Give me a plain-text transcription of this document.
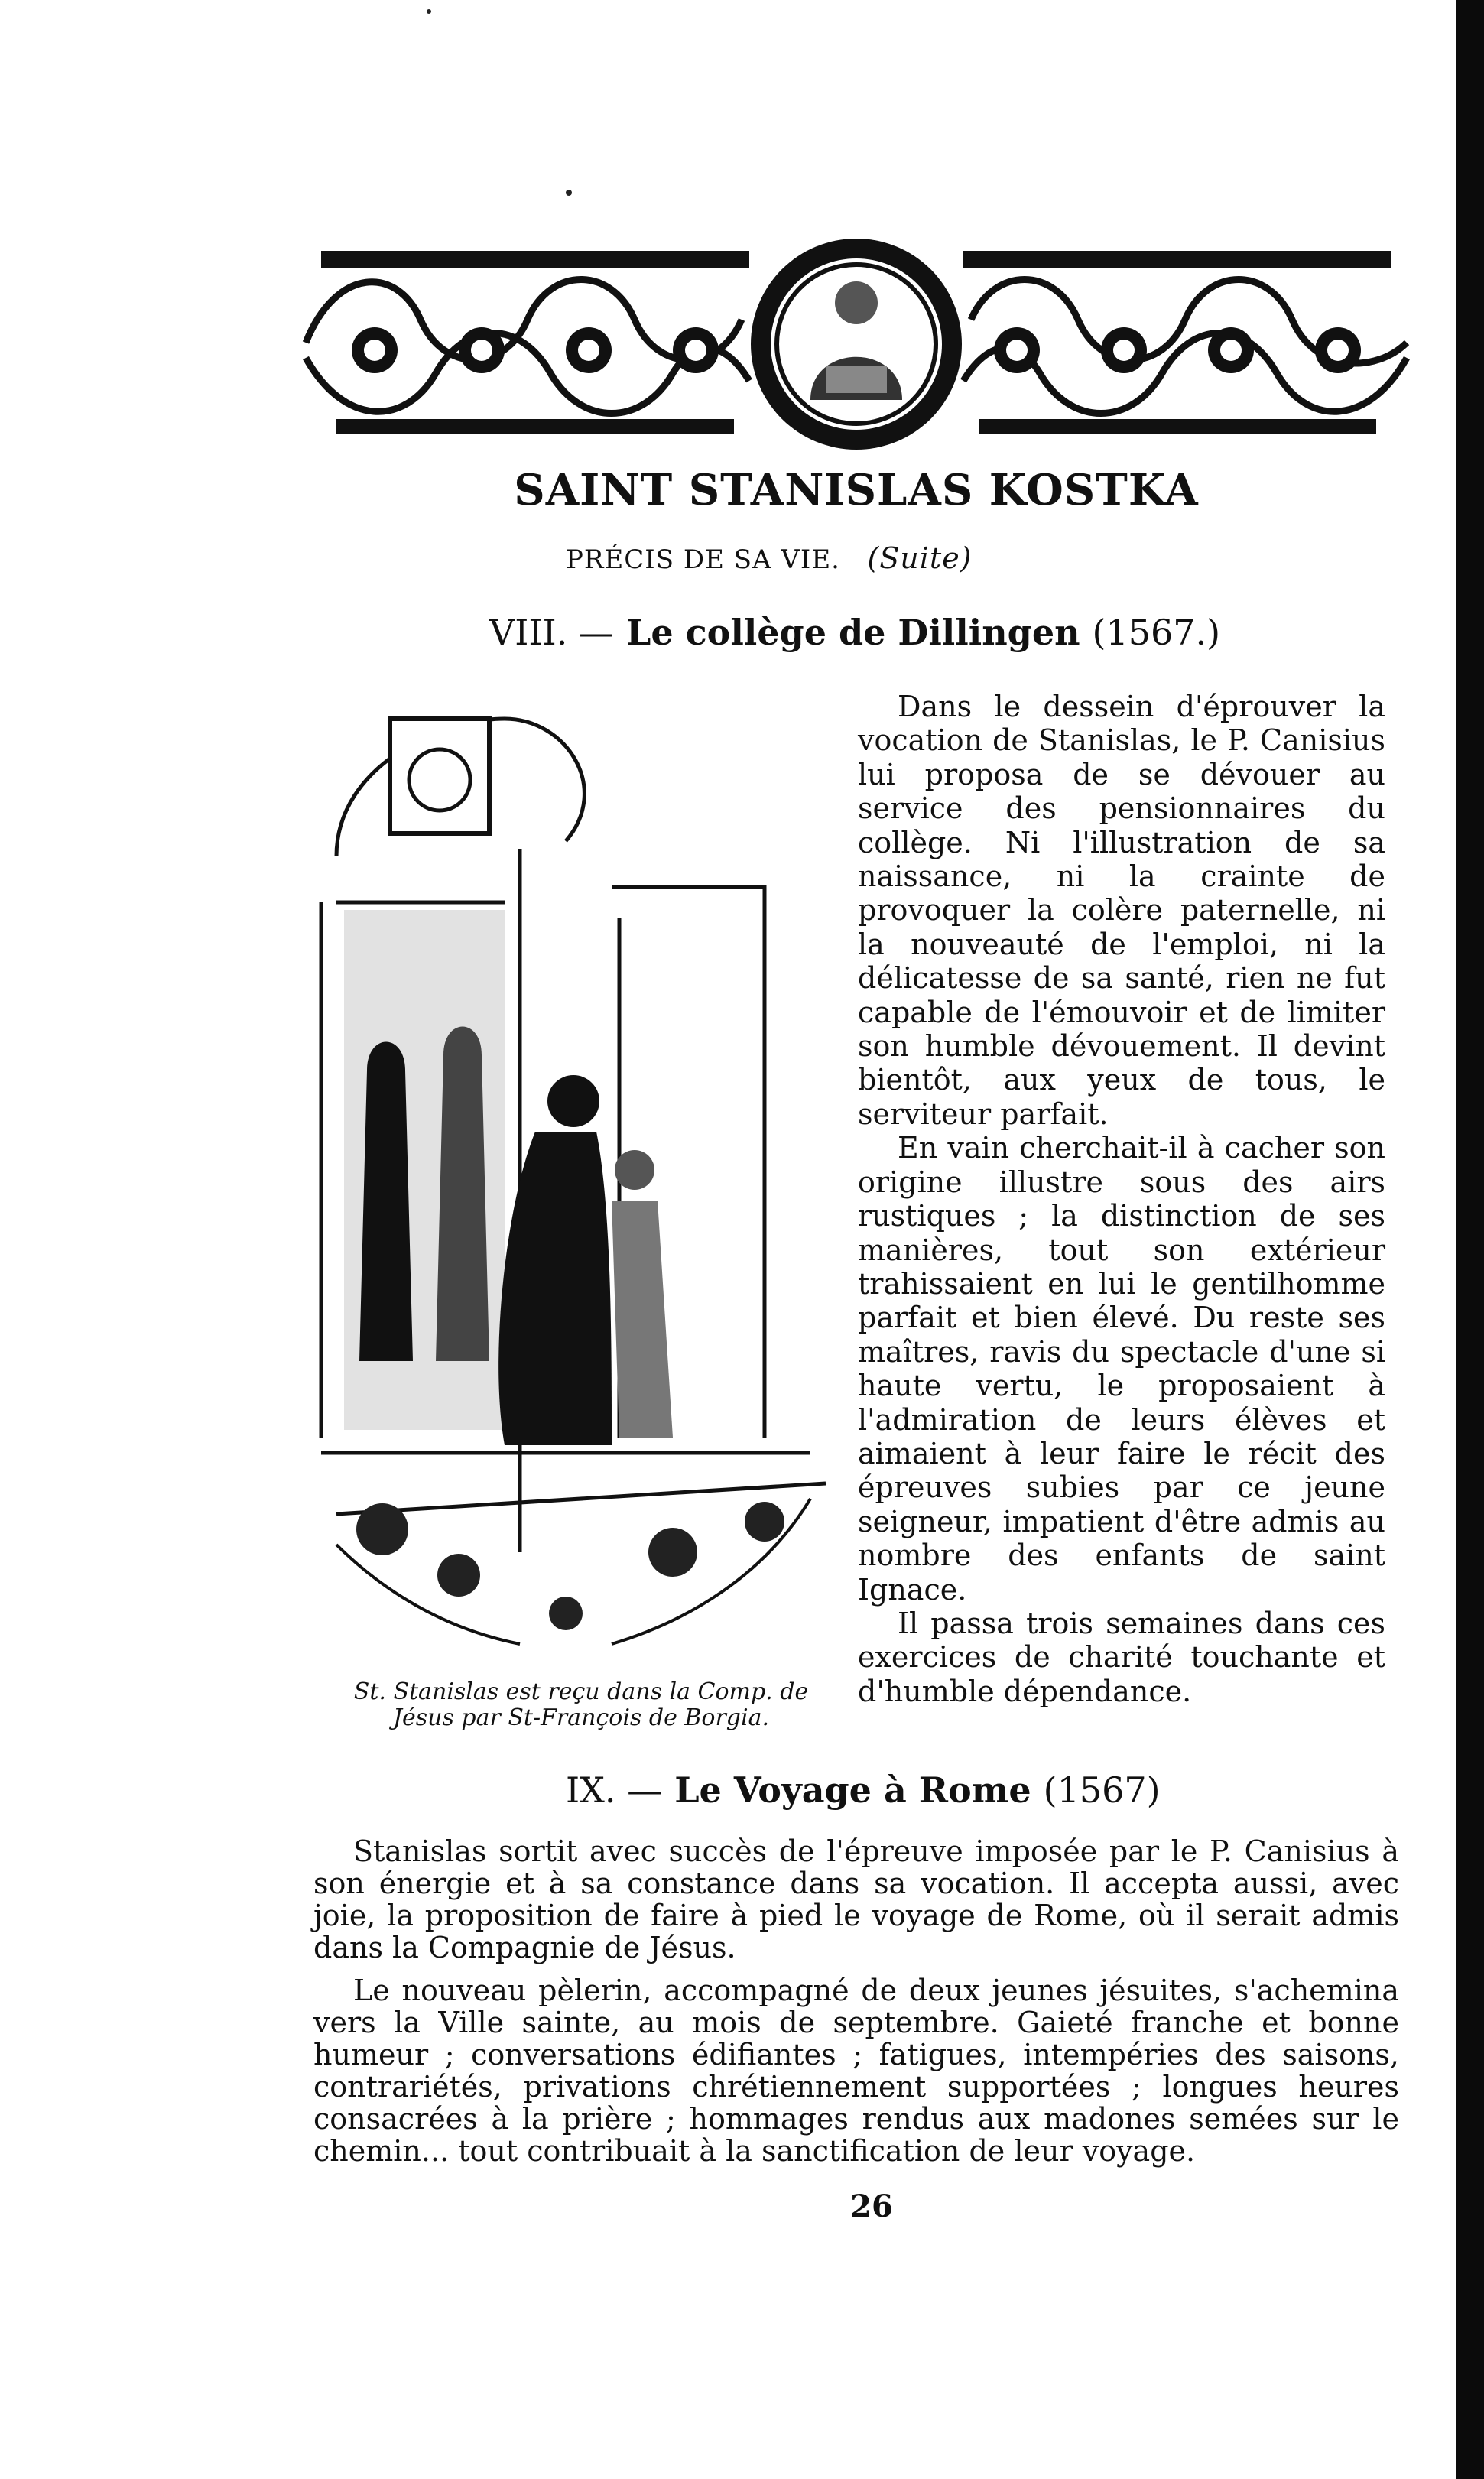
SAINT STANISLAS KOSTKA
PRÉCIS DE SA VIE. (Suite)
VIII. — Le collège de Dillingen (1567.)
St. Stanislas est reçu dans la Comp. de
Jésus par St-François de Borgia.

Dans le dessein d'éprouver la vocation de Stanislas, le P. Canisius lui proposa de se dévouer au service des pensionnaires du collège. Ni l'illustration de sa naissance, ni la crainte de provoquer la colère paternelle, ni la nouveauté de l'emploi, ni la délicatesse de sa santé, rien ne fut capable de l'émouvoir et de limiter son humble dévouement. Il devint bientôt, aux yeux de tous, le serviteur parfait.

En vain cherchait-il à cacher son origine illustre sous des airs rustiques ; la distinction de ses manières, tout son extérieur trahissaient en lui le gentilhomme parfait et bien élevé. Du reste ses maîtres, ravis du spectacle d'une si haute vertu, le proposaient à l'admiration de leurs élèves et aimaient à leur faire le récit des épreuves subies par ce jeune seigneur, impatient d'être admis au nombre des enfants de saint Ignace.

Il passa trois semaines dans ces exercices de charité touchante et d'humble dépendance.

IX. — Le Voyage à Rome (1567)

Stanislas sortit avec succès de l'épreuve imposée par le P. Canisius à son énergie et à sa constance dans sa vocation. Il accepta aussi, avec joie, la proposition de faire à pied le voyage de Rome, où il serait admis dans la Compagnie de Jésus.

Le nouveau pèlerin, accompagné de deux jeunes jésuites, s'achemina vers la Ville sainte, au mois de septembre. Gaieté franche et bonne humeur ; conversations édifiantes ; fatigues, intempéries des saisons, contrariétés, privations chrétiennement supportées ; longues heures consacrées à la prière ; hommages rendus aux madones semées sur le chemin... tout contribuait à la sanctification de leur voyage.

26
